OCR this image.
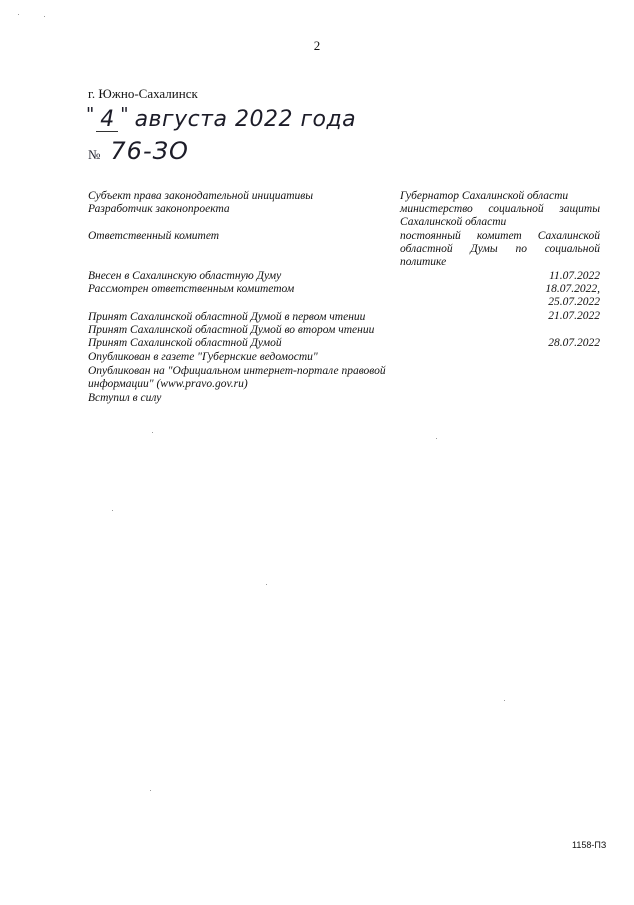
2
г. Южно-Сахалинск
" 4 " августа 2022 года
№ 76-ЗО
Субъект права законодательной инициативы	Губернатор Сахалинской области
Разработчик законопроекта	министерство социальной защиты
Сахалинской области
Ответственный комитет	постоянный комитет Сахалинской
областной Думы по социальной
политике
Внесен в Сахалинскую областную Думу	11.07.2022
Рассмотрен ответственным комитетом	18.07.2022,
25.07.2022
Принят Сахалинской областной Думой в первом чтении	21.07.2022
Принят Сахалинской областной Думой во втором чтении
Принят Сахалинской областной Думой	28.07.2022
Опубликован в газете "Губернские ведомости"
Опубликован на "Официальном интернет-портале правовой
информации" (www.pravo.gov.ru)
Вступил в силу
1158-ПЗ
